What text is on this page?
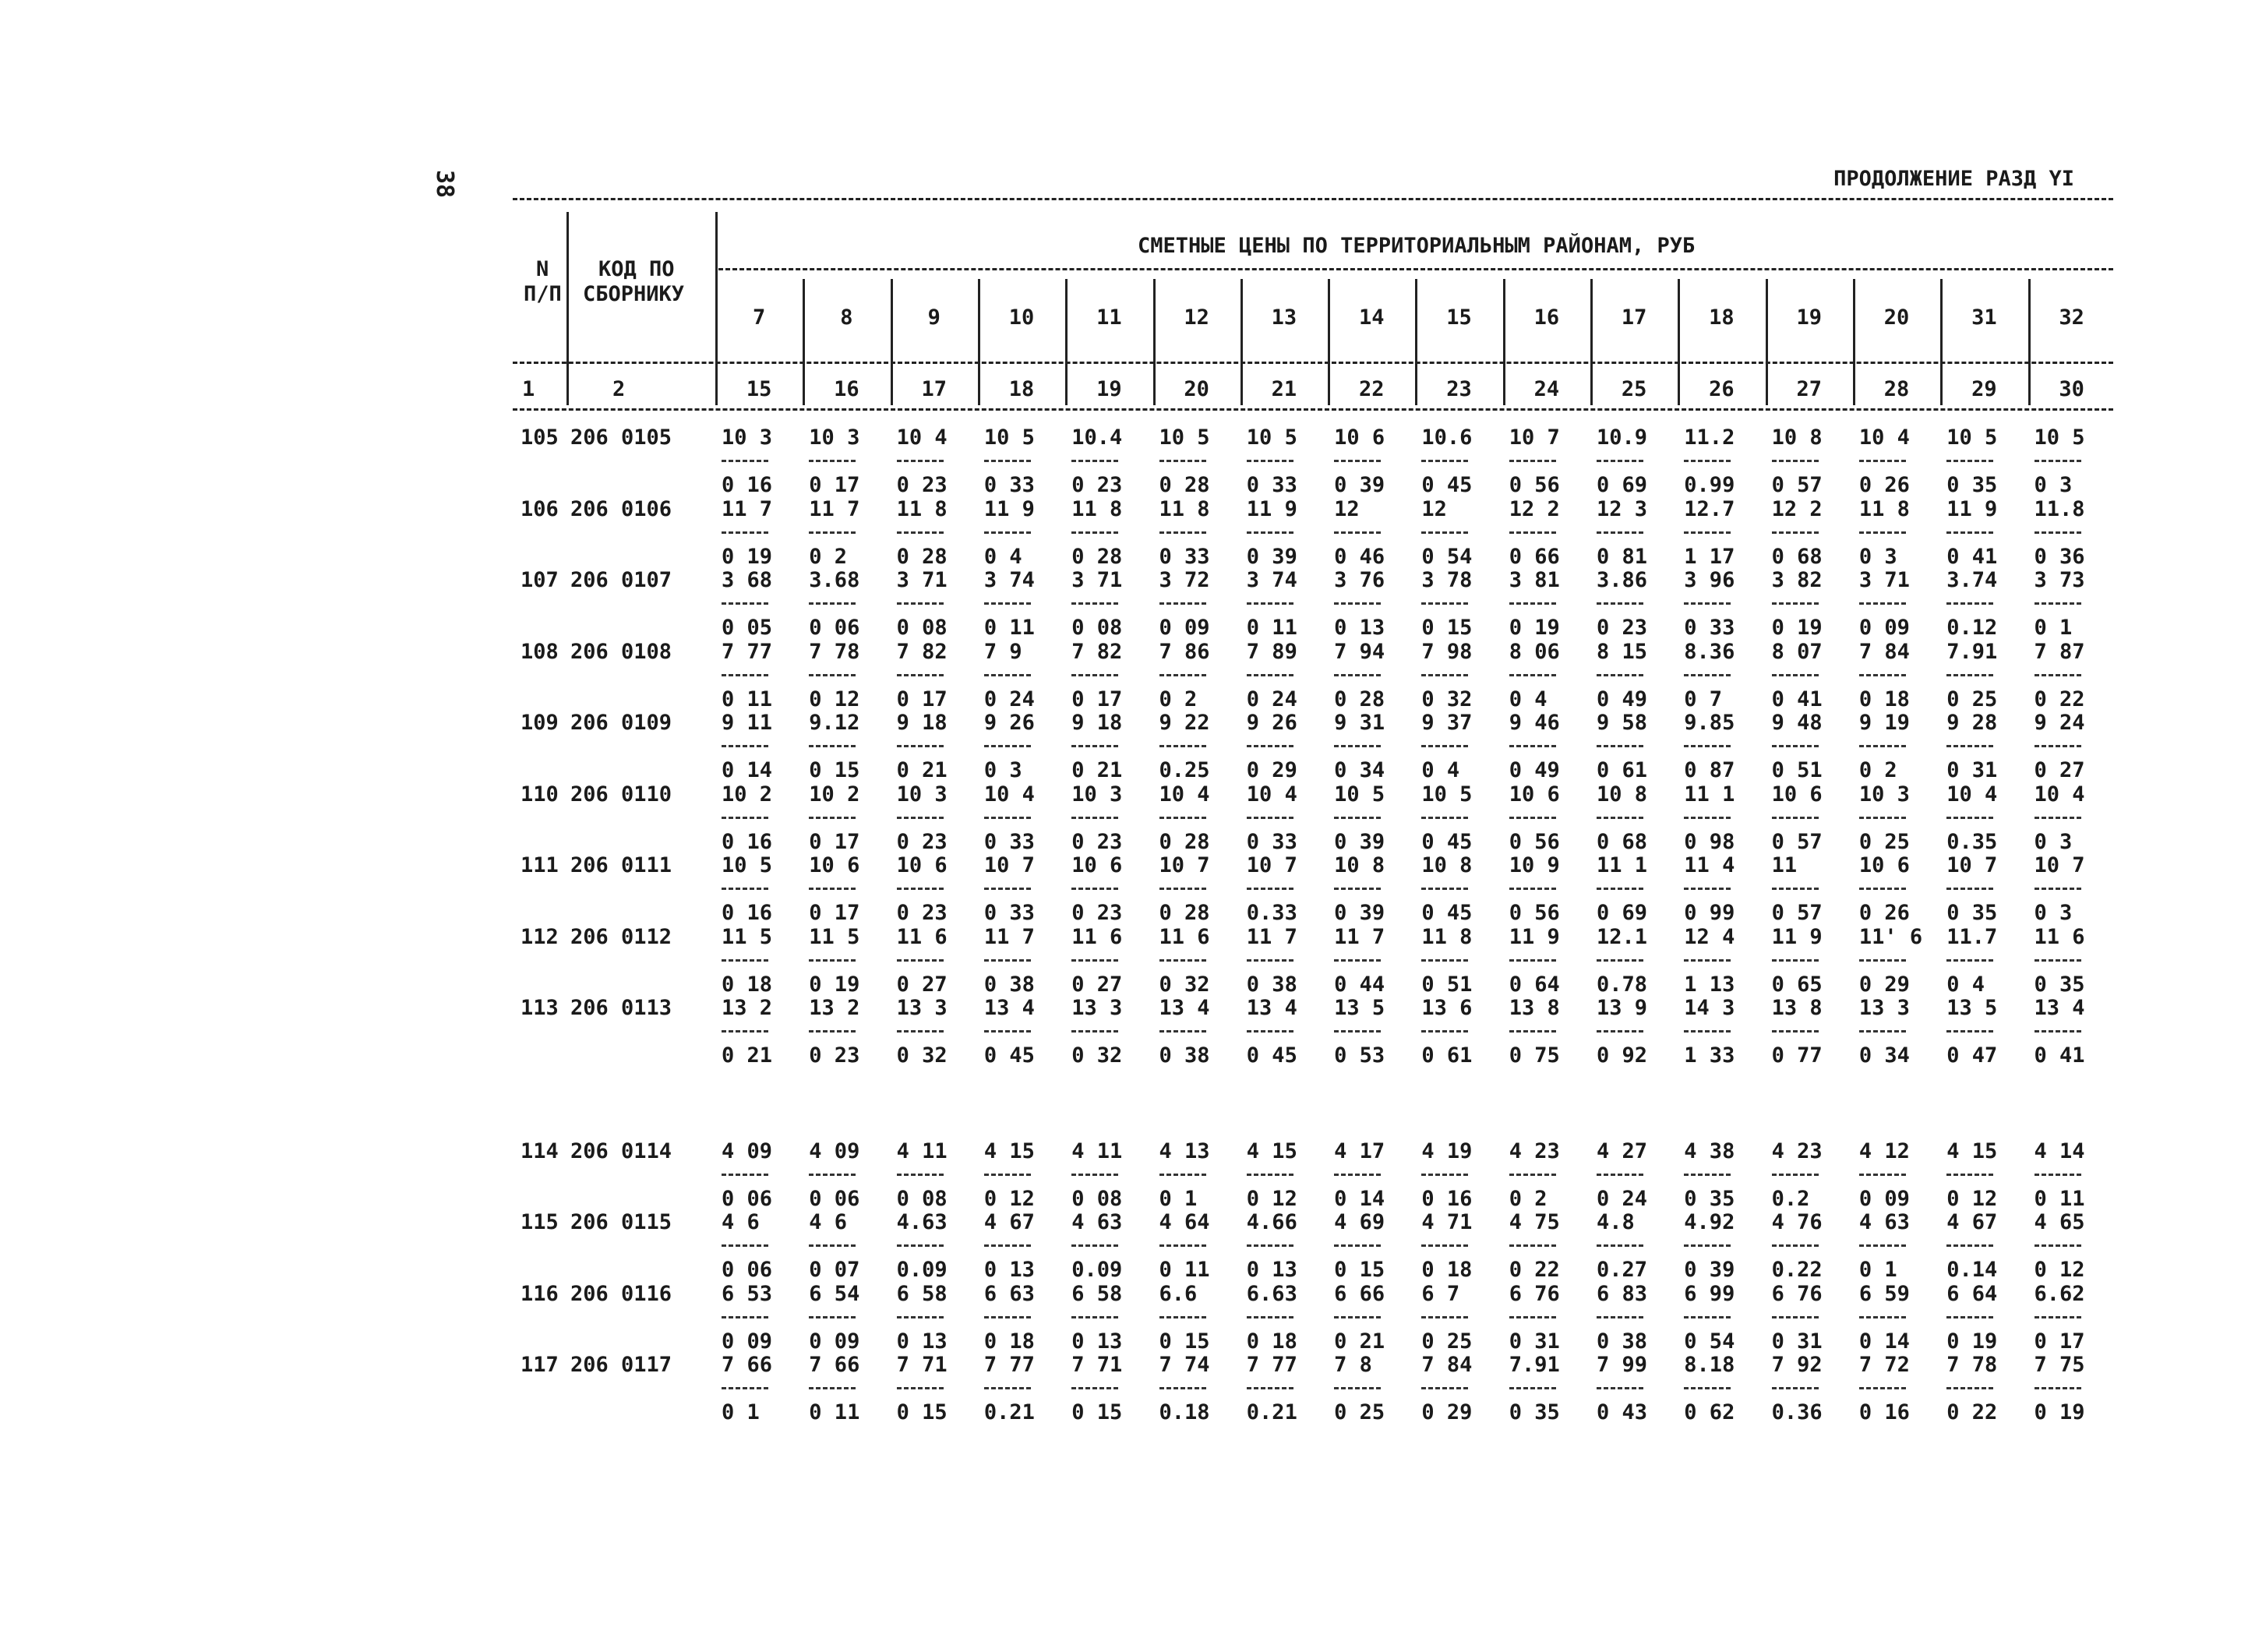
38	ПРОДОЛЖЕНИЕ РАЗД YI
N
П/П
КОД ПО
СБОРНИКУ
СМЕТНЫЕ ЦЕНЫ ПО ТЕРРИТОРИАЛЬНЫМ РАЙОНАМ, РУБ
1	2
7
15
8
16
9
17
10
18
11
19
12
20
13
21
14
22
15
23
16
24
17
25
18
26
19
27
20
28
31
29
32
30
105 206 0105 10 3
0 16
10 3
0 17
10 4
0 23
10 5
0 33
10.4
0 23
10 5
0 28
10 5
0 33
10 6
0 39
10.6
0 45
10 7
0 56
10.9
0 69
11.2
0.99
10 8
0 57
10 4
0 26
10 5
0 35
10 5
0 3
106 206 0106 11 7
0 19
11 7
0 2
11 8
0 28
11 9
0 4
11 8
0 28
11 8
0 33
11 9
0 39
12
0 46
12
0 54
12 2
0 66
12 3
0 81
12.7
1 17
12 2
0 68
11 8
0 3
11 9
0 41
11.8
0 36
107 206 0107 3 68
0 05
3.68
0 06
3 71
0 08
3 74
0 11
3 71
0 08
3 72
0 09
3 74
0 11
3 76
0 13
3 78
0 15
3 81
0 19
3.86
0 23
3 96
0 33
3 82
0 19
3 71
0 09
3.74
0.12
3 73
0 1
108 206 0108 7 77
0 11
7 78
0 12
7 82
0 17
7 9
0 24
7 82
0 17
7 86
0 2
7 89
0 24
7 94
0 28
7 98
0 32
8 06
0 4
8 15
0 49
8.36
0 7
8 07
0 41
7 84
0 18
7.91
0 25
7 87
0 22
109 206 0109 9 11
0 14
9.12
0 15
9 18
0 21
9 26
0 3
9 18
0 21
9 22
0.25
9 26
0 29
9 31
0 34
9 37
0 4
9 46
0 49
9 58
0 61
9.85
0 87
9 48
0 51
9 19
0 2
9 28
0 31
9 24
0 27
110 206 0110 10 2
0 16
10 2
0 17
10 3
0 23
10 4
0 33
10 3
0 23
10 4
0 28
10 4
0 33
10 5
0 39
10 5
0 45
10 6
0 56
10 8
0 68
11 1
0 98
10 6
0 57
10 3
0 25
10 4
0.35
10 4
0 3
111 206 0111 10 5
0 16
10 6
0 17
10 6
0 23
10 7
0 33
10 6
0 23
10 7
0 28
10 7
0.33
10 8
0 39
10 8
0 45
10 9
0 56
11 1
0 69
11 4
0 99
11
0 57
10 6
0 26
10 7
0 35
10 7
0 3
112 206 0112 11 5
0 18
11 5
0 19
11 6
0 27
11 7
0 38
11 6
0 27
11 6
0 32
11 7
0 38
11 7
0 44
11 8
0 51
11 9
0 64
12.1
0.78
12 4
1 13
11 9
0 65
11' 6
0 29
11.7
0 4
11 6
0 35
113 206 0113 13 2
0 21
13 2
0 23
13 3
0 32
13 4
0 45
13 3
0 32
13 4
0 38
13 4
0 45
13 5
0 53
13 6
0 61
13 8
0 75
13 9
0 92
14 3
1 33
13 8
0 77
13 3
0 34
13 5
0 47
13 4
0 41
114 206 0114 4 09
0 06
4 09
0 06
4 11
0 08
4 15
0 12
4 11
0 08
4 13
0 1
4 15
0 12
4 17
0 14
4 19
0 16
4 23
0 2
4 27
0 24
4 38
0 35
4 23
0.2
4 12
0 09
4 15
0 12
4 14
0 11
115 206 0115 4 6
0 06
4 6
0 07
4.63
0.09
4 67
0 13
4 63
0.09
4 64
0 11
4.66
0 13
4 69
0 15
4 71
0 18
4 75
0 22
4.8
0.27
4.92
0 39
4 76
0.22
4 63
0 1
4 67
0.14
4 65
0 12
116 206 0116 6 53
0 09
6 54
0 09
6 58
0 13
6 63
0 18
6 58
0 13
6.6
0 15
6.63
0 18
6 66
0 21
6 7
0 25
6 76
0 31
6 83
0 38
6 99
0 54
6 76
0 31
6 59
0 14
6 64
0 19
6.62
0 17
117 206 0117 7 66
0 1
7 66
0 11
7 71
0 15
7 77
0.21
7 71
0 15
7 74
0.18
7 77
0.21
7 8
0 25
7 84
0 29
7.91
0 35
7 99
0 43
8.18
0 62
7 92
0.36
7 72
0 16
7 78
0 22
7 75
0 19
